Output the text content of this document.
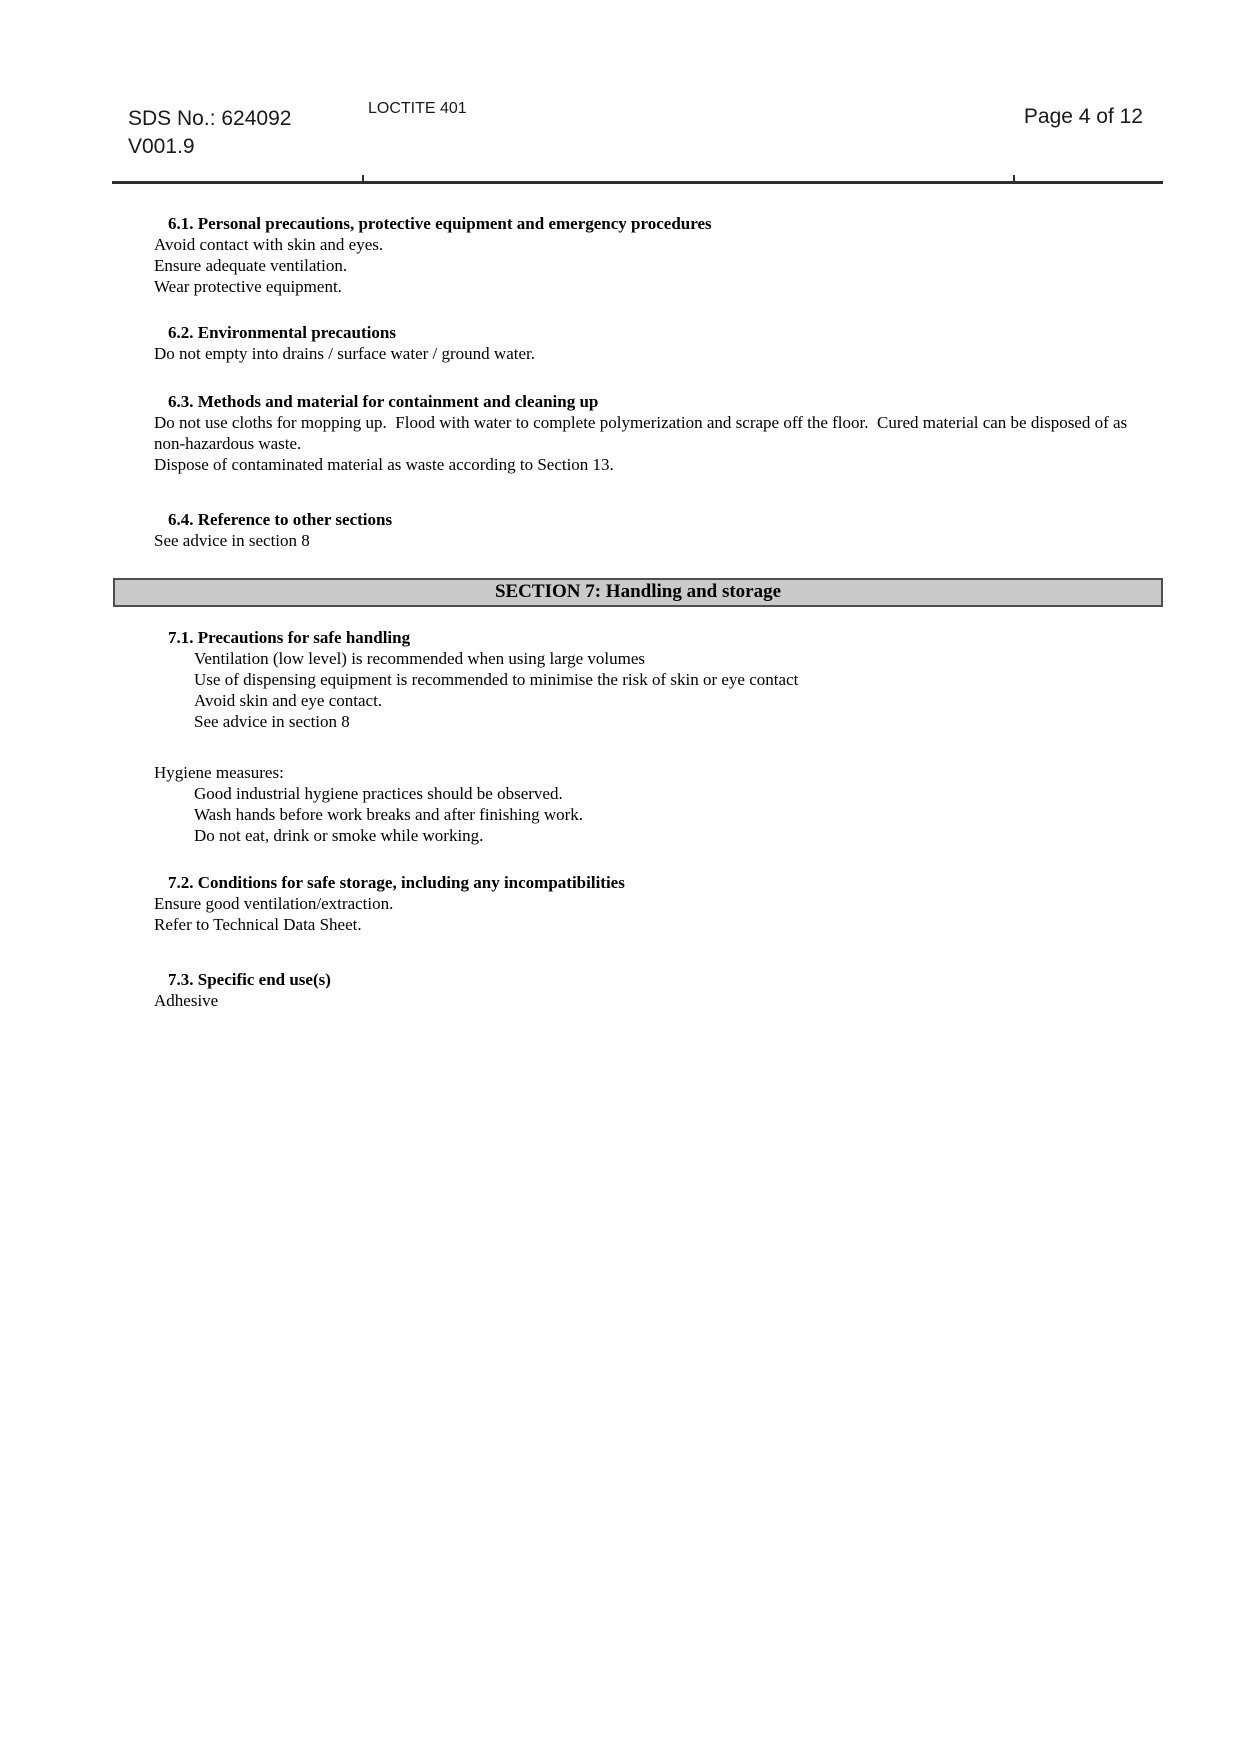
SDS No.: 624092
V001.9
LOCTITE 401	Page 4 of 12
6.1. Personal precautions, protective equipment and emergency procedures

Avoid contact with skin and eyes.

Ensure adequate ventilation.

Wear protective equipment.

6.2. Environmental precautions

Do not empty into drains / surface water / ground water.

6.3. Methods and material for containment and cleaning up

Do not use cloths for mopping up.  Flood with water to complete polymerization and scrape off the floor.  Cured material can be disposed of as non-hazardous waste.

Dispose of contaminated material as waste according to Section 13.

6.4. Reference to other sections

See advice in section 8

SECTION 7: Handling and storage
7.1. Precautions for safe handling

Ventilation (low level) is recommended when using large volumes

Use of dispensing equipment is recommended to minimise the risk of skin or eye contact

Avoid skin and eye contact.

See advice in section 8

Hygiene measures:

Good industrial hygiene practices should be observed.

Wash hands before work breaks and after finishing work.

Do not eat, drink or smoke while working.

7.2. Conditions for safe storage, including any incompatibilities

Ensure good ventilation/extraction.

Refer to Technical Data Sheet.

7.3. Specific end use(s)

Adhesive
